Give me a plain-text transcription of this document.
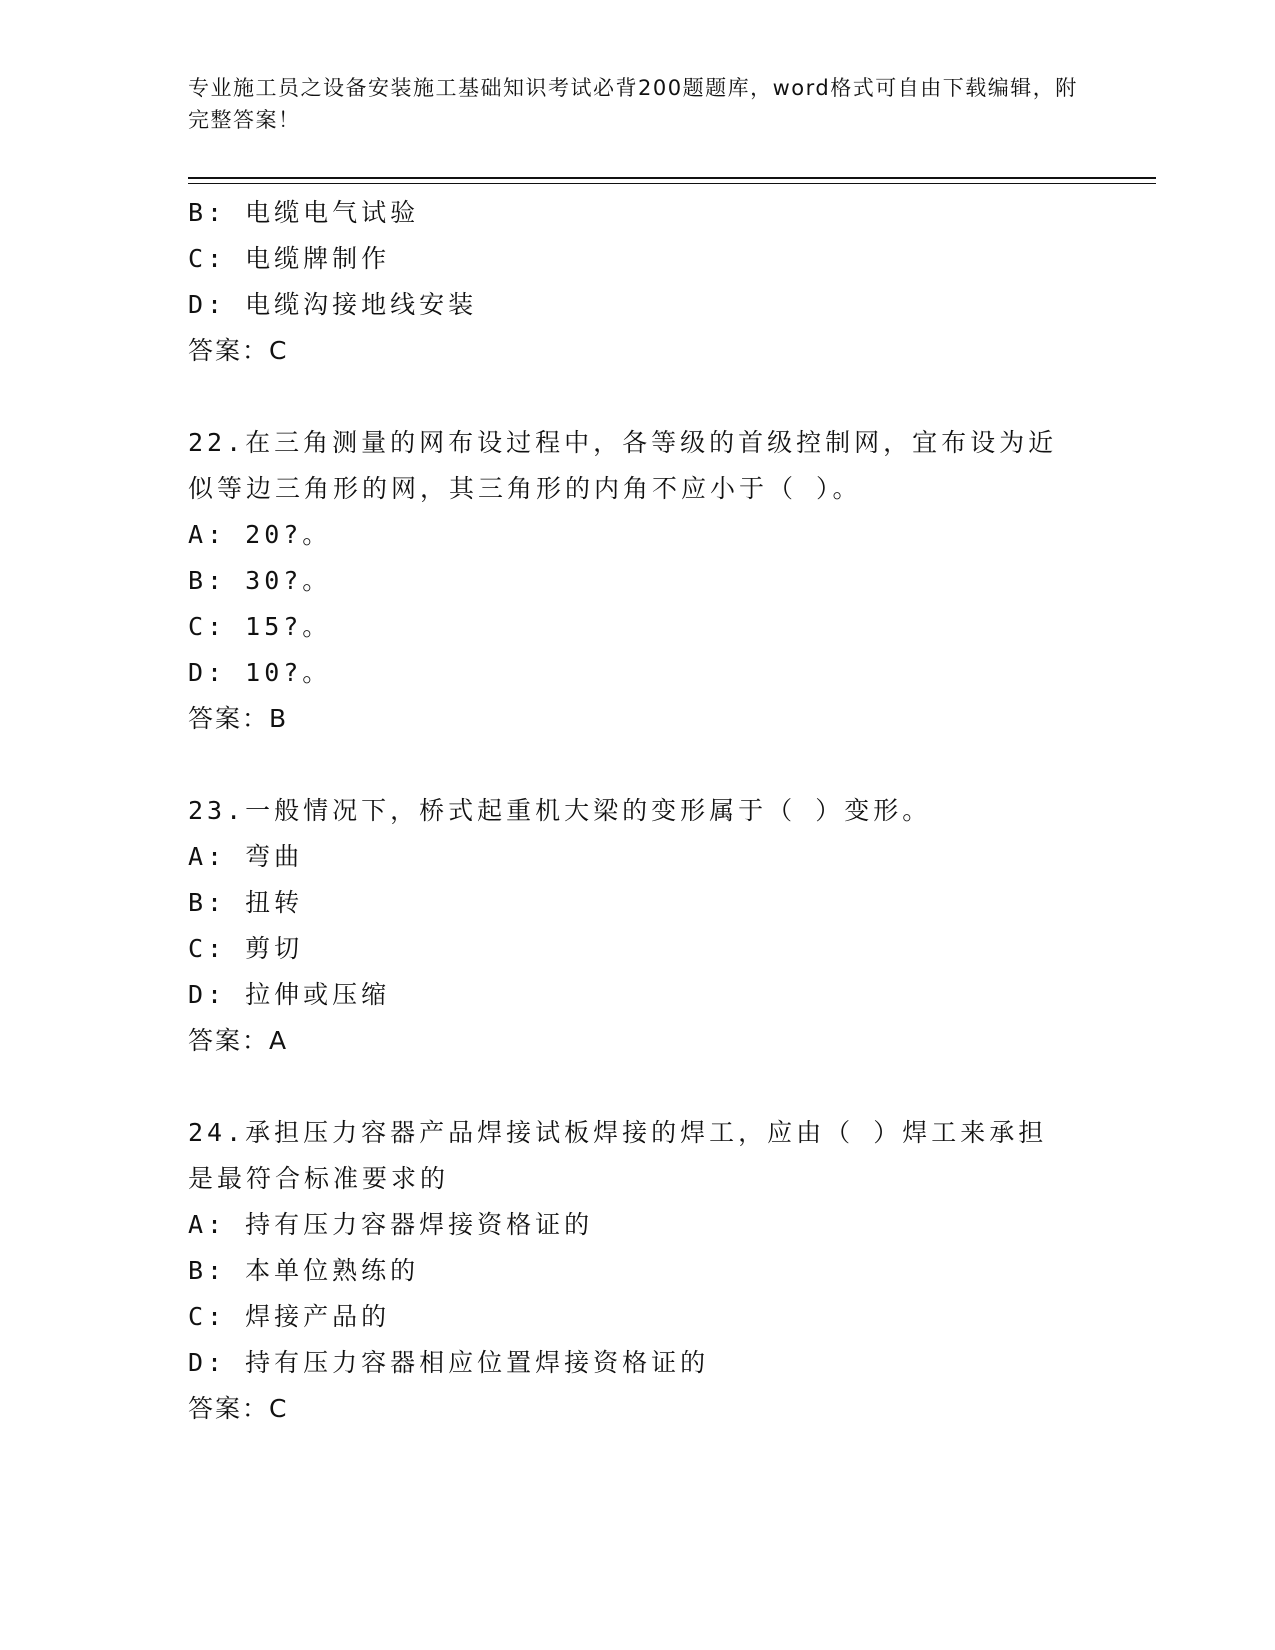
专业施工员之设备安装施工基础知识考试必背200题题库，word格式可自由下载编辑，附完整答案！
B: 电缆电气试验
C: 电缆牌制作
D: 电缆沟接地线安装
答案：C
22.在三角测量的网布设过程中，各等级的首级控制网，宜布设为近似等边三角形的网，其三角形的内角不应小于（ ）。
A: 20?。
B: 30?。
C: 15?。
D: 10?。
答案：B
23.一般情况下，桥式起重机大梁的变形属于（ ）变形。
A: 弯曲
B: 扭转
C: 剪切
D: 拉伸或压缩
答案：A
24.承担压力容器产品焊接试板焊接的焊工，应由（ ）焊工来承担是最符合标准要求的
A: 持有压力容器焊接资格证的
B: 本单位熟练的
C: 焊接产品的
D: 持有压力容器相应位置焊接资格证的
答案：C
